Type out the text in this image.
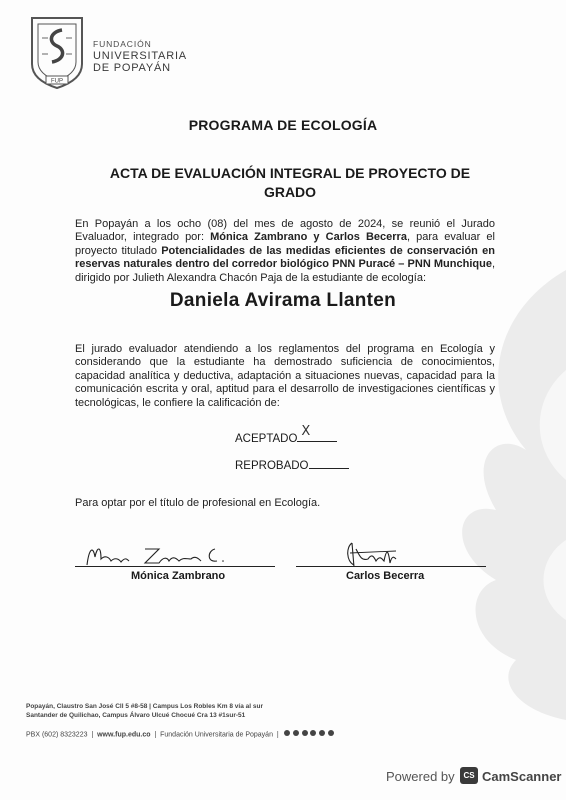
FUP
FUNDACIÓN
UNIVERSITARIA
DE POPAYÁN
PROGRAMA DE ECOLOGÍA
ACTA DE EVALUACIÓN INTEGRAL DE PROYECTO DE GRADO
En Popayán a los ocho (08) del mes de agosto de 2024, se reunió el Jurado Evaluador, integrado por: Mónica Zambrano y Carlos Becerra, para evaluar el proyecto titulado Potencialidades de las medidas eficientes de conservación en reservas naturales dentro del corredor biológico PNN Puracé – PNN Munchique, dirigido por Julieth Alexandra Chacón Paja de la estudiante de ecología:
Daniela Avirama Llanten
El jurado evaluador atendiendo a los reglamentos del programa en Ecología y considerando que la estudiante ha demostrado suficiencia de conocimientos, capacidad analítica y deductiva, adaptación a situaciones nuevas, capacidad para la comunicación escrita y oral, aptitud para el desarrollo de investigaciones científicas y tecnológicas, le confiere la calificación de:
ACEPTADO X
REPROBADO
Para optar por el título de profesional en Ecología.
Mónica Zambrano	Carlos Becerra
Popayán, Claustro San José Cll 5 #8-58 | Campus Los Robles Km 8 vía al sur
Santander de Quilichao, Campus Álvaro Ulcué Chocué Cra 13 #1sur-51
PBX (602) 8323223  |  www.fup.edu.co  |  Fundación Universitaria de Popayán  |
Powered by	CS CamScanner
